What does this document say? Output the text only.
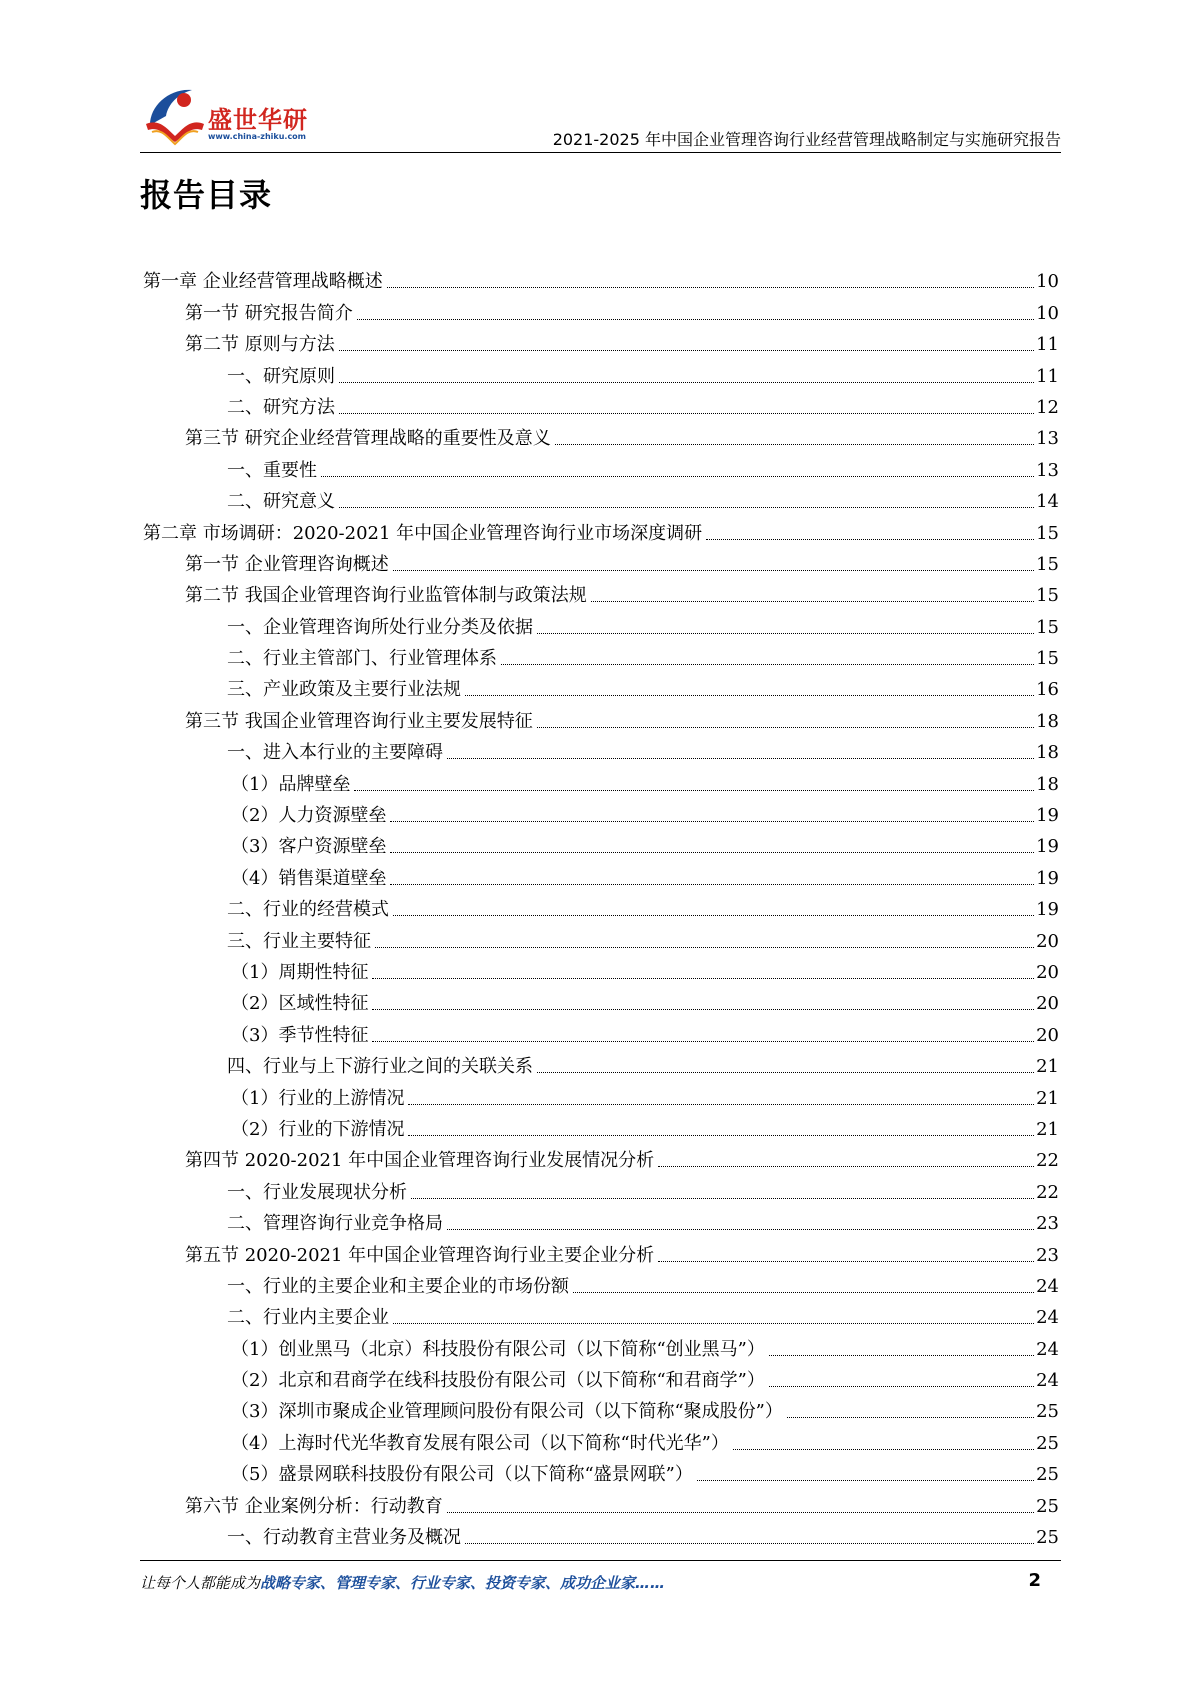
盛世华研
www.china-zhiku.com	2021-2025 年中国企业管理咨询行业经营管理战略制定与实施研究报告
报告目录
第一章 企业经营管理战略概述	10
第一节 研究报告简介	10
第二节 原则与方法	11
一、研究原则	11
二、研究方法	12
第三节 研究企业经营管理战略的重要性及意义	13
一、重要性	13
二、研究意义	14
第二章 市场调研：2020-2021 年中国企业管理咨询行业市场深度调研	15
第一节 企业管理咨询概述	15
第二节 我国企业管理咨询行业监管体制与政策法规	15
一、企业管理咨询所处行业分类及依据	15
二、行业主管部门、行业管理体系	15
三、产业政策及主要行业法规	16
第三节 我国企业管理咨询行业主要发展特征	18
一、进入本行业的主要障碍	18
（1）品牌壁垒	18
（2）人力资源壁垒	19
（3）客户资源壁垒	19
（4）销售渠道壁垒	19
二、行业的经营模式	19
三、行业主要特征	20
（1）周期性特征	20
（2）区域性特征	20
（3）季节性特征	20
四、行业与上下游行业之间的关联关系	21
（1）行业的上游情况	21
（2）行业的下游情况	21
第四节 2020-2021 年中国企业管理咨询行业发展情况分析	22
一、行业发展现状分析	22
二、管理咨询行业竞争格局	23
第五节 2020-2021 年中国企业管理咨询行业主要企业分析	23
一、行业的主要企业和主要企业的市场份额	24
二、行业内主要企业	24
（1）创业黑马（北京）科技股份有限公司（以下简称“创业黑马”）	24
（2）北京和君商学在线科技股份有限公司（以下简称“和君商学”）	24
（3）深圳市聚成企业管理顾问股份有限公司（以下简称“聚成股份”）	25
（4）上海时代光华教育发展有限公司（以下简称“时代光华”）	25
（5）盛景网联科技股份有限公司（以下简称“盛景网联”）	25
第六节 企业案例分析：行动教育	25
一、行动教育主营业务及概况	25
让每个人都能成为战略专家、管理专家、行业专家、投资专家、成功企业家……	2
